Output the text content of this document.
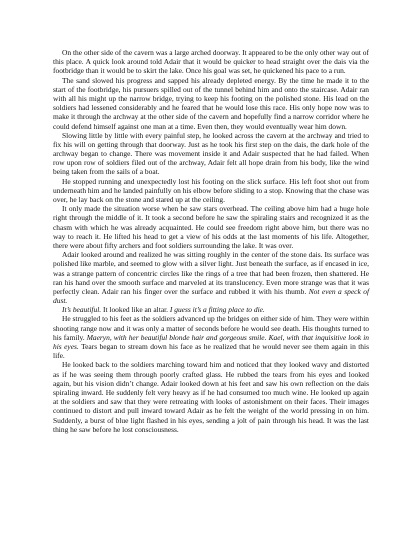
On the other side of the cavern was a large arched doorway. It appeared to be the only other way out of this place. A quick look around told Adair that it would be quicker to head straight over the dais via the footbridge than it would be to skirt the lake. Once his goal was set, he quickened his pace to a run.

The sand slowed his progress and sapped his already depleted energy. By the time he made it to the start of the footbridge, his pursuers spilled out of the tunnel behind him and onto the staircase. Adair ran with all his might up the narrow bridge, trying to keep his footing on the polished stone. His lead on the soldiers had lessened considerably and he feared that he would lose this race. His only hope now was to make it through the archway at the other side of the cavern and hopefully find a narrow corridor where he could defend himself against one man at a time. Even then, they would eventually wear him down.

Slowing little by little with every painful step, he looked across the cavern at the archway and tried to fix his will on getting through that doorway. Just as he took his first step on the dais, the dark hole of the archway began to change. There was movement inside it and Adair suspected that he had failed. When row upon row of soldiers filed out of the archway, Adair felt all hope drain from his body, like the wind being taken from the sails of a boat.

He stopped running and unexpectedly lost his footing on the slick surface. His left foot shot out from underneath him and he landed painfully on his elbow before sliding to a stop. Knowing that the chase was over, he lay back on the stone and stared up at the ceiling.

It only made the situation worse when he saw stars overhead. The ceiling above him had a huge hole right through the middle of it. It took a second before he saw the spiraling stairs and recognized it as the chasm with which he was already acquainted. He could see freedom right above him, but there was no way to reach it. He lifted his head to get a view of his odds at the last moments of his life. Altogether, there were about fifty archers and foot soldiers surrounding the lake. It was over.

Adair looked around and realized he was sitting roughly in the center of the stone dais. Its surface was polished like marble, and seemed to glow with a silver light. Just beneath the surface, as if encased in ice, was a strange pattern of concentric circles like the rings of a tree that had been frozen, then shattered. He ran his hand over the smooth surface and marveled at its translucency. Even more strange was that it was perfectly clean. Adair ran his finger over the surface and rubbed it with his thumb. Not even a speck of dust.

It’s beautiful. It looked like an altar. I guess it’s a fitting place to die.

He struggled to his feet as the soldiers advanced up the bridges on either side of him. They were within shooting range now and it was only a matter of seconds before he would see death. His thoughts turned to his family. Maeryn, with her beautiful blonde hair and gorgeous smile. Kael, with that inquisitive look in his eyes. Tears began to stream down his face as he realized that he would never see them again in this life.

He looked back to the soldiers marching toward him and noticed that they looked wavy and distorted as if he was seeing them through poorly crafted glass. He rubbed the tears from his eyes and looked again, but his vision didn’t change. Adair looked down at his feet and saw his own reflection on the dais spiraling inward. He suddenly felt very heavy as if he had consumed too much wine. He looked up again at the soldiers and saw that they were retreating with looks of astonishment on their faces. Their images continued to distort and pull inward toward Adair as he felt the weight of the world pressing in on him. Suddenly, a burst of blue light flashed in his eyes, sending a jolt of pain through his head. It was the last thing he saw before he lost consciousness.
